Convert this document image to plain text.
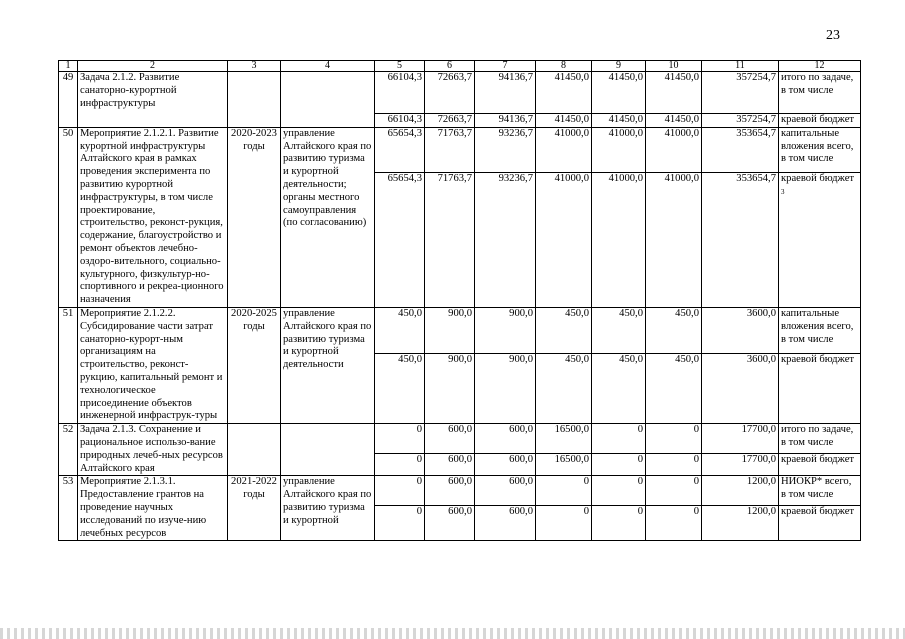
23
1	2	3	4	5	6	7	8	9	10	11	12
49	Задача 2.1.2. Развитие санаторно-курортной инфраструктуры			66104,3	72663,7	94136,7	41450,0	41450,0	41450,0	357254,7	итого по задаче, в том числе
				66104,3	72663,7	94136,7	41450,0	41450,0	41450,0	357254,7	краевой бюджет
50	Мероприятие 2.1.2.1. Развитие курортной инфраструктуры Алтайского края в рамках проведения эксперимента по развитию курортной инфраструктуры, в том числе проектирование, строительство, реконст-рукция, содержание, благоустройство и ремонт объектов лечебно-оздоро-вительного, социально-культурного, физкультур-но-спортивного и рекреа-ционного назначения	2020-2023 годы	управление Алтайского края по развитию туризма и курортной деятельности; органы местного самоуправления (по согласованию)	65654,3	71763,7	93236,7	41000,0	41000,0	41000,0	353654,7	капитальные вложения всего, в том числе
				65654,3	71763,7	93236,7	41000,0	41000,0	41000,0	353654,7	краевой бюджет $^3$
51	Мероприятие 2.1.2.2. Субсидирование части затрат санаторно-курорт-ным организациям на строительство, реконст-рукцию, капитальный ремонт и технологическое присоединение объектов инженерной инфраструк-туры	2020-2025 годы	управление Алтайского края по развитию туризма и курортной деятельности	450,0	900,0	900,0	450,0	450,0	450,0	3600,0	капитальные вложения всего, в том числе
				450,0	900,0	900,0	450,0	450,0	450,0	3600,0	краевой бюджет
52	Задача 2.1.3. Сохранение и рациональное использо-вание природных лечеб-ных ресурсов Алтайского края			0	600,0	600,0	16500,0	0	0	17700,0	итого по задаче, в том числе
				0	600,0	600,0	16500,0	0	0	17700,0	краевой бюджет
53	Мероприятие 2.1.3.1. Предоставление грантов на проведение научных исследований по изуче-нию лечебных ресурсов	2021-2022 годы	управление Алтайского края по развитию туризма и курортной	0	600,0	600,0	0	0	0	1200,0	НИОКР* всего, в том числе
				0	600,0	600,0	0	0	0	1200,0	краевой бюджет
